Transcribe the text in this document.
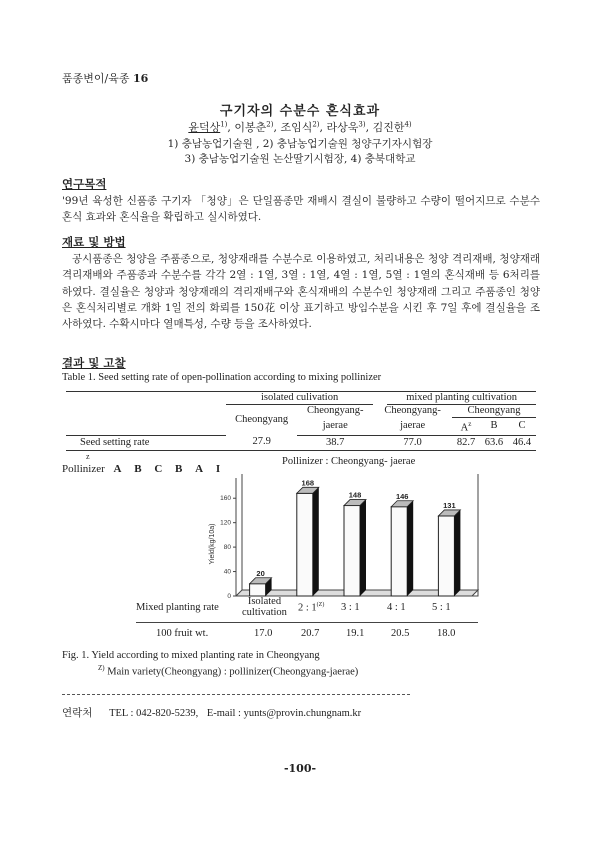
품종변이/육종 16
구기자의 수분수 혼식효과
윤덕상$^{1)}$, 이봉춘$^{2)}$, 조임식$^{2)}$, 라상욱$^{3)}$, 김진한$^{4)}$
1) 충남농업기술원 , 2) 충남농업기술원 청양구기자시험장
3) 충남농업기술원 논산딸기시험장, 4) 충북대학교
연구목적
'99년 육성한 신품종 구기자 「청양」은 단일품종만 재배시 결실이 불량하고 수량이 떨어지므로 수분수 혼식 효과와 혼식율을 확립하고 실시하였다.
재료 및 방법
공시품종은 청양을 주품종으로, 청양재래를 수분수로 이용하였고, 처리내용은 청양 격리재배, 청양재래 격리재배와 주품종과 수분수를 각각 2열 : 1열, 3열 : 1열, 4열 : 1열, 5열 : 1열의 혼식재배 등 6처리를 하였다. 결실율은 청양과 청양재래의 격리재배구와 혼식재배의 수분수인 청양재래 그리고 주품종인 청양은 혼식처리별로 개화 1일 전의 화뢰를 150花 이상 표기하고 방임수분을 시킨 후 7일 후에 결실율을 조사하였다. 수확시마다 열매특성, 수량 등을 조사하였다.
결과 및 고찰
Table 1. Seed setting rate of open-pollination according to mixing pollinizer
	isolated culivation			mixed planting cultivation			
	Cheongyang	Cheongyang-	Cheongyang-		Cheongyang		
		jaerae	jaerae		$A^z$	B	C
Seed setting rate	27.9	38.7	77.0		82.7	63.6	46.4
z
Pollinizer A B C B A I
Pollinizer : Cheongyang- jaerae
0
40
80
120
160
20
168
148	146
131
Yield(kg/10a)
Mixed planting rate
Isolated
cultivation 2 : $1^{(Z)}$ 3 : 1	4 : 1	5 : 1
100 fruit wt.	17.0	20.7	19.1	20.5	18.0
Fig. 1. Yield according to mixed planting rate in Cheongyang
$^{Z)}$ Main variety(Cheongyang) : pollinizer(Cheongyang-jaerae)
연락처 TEL : 042-820-5239, E-mail : yunts@provin.chungnam.kr
-100-
